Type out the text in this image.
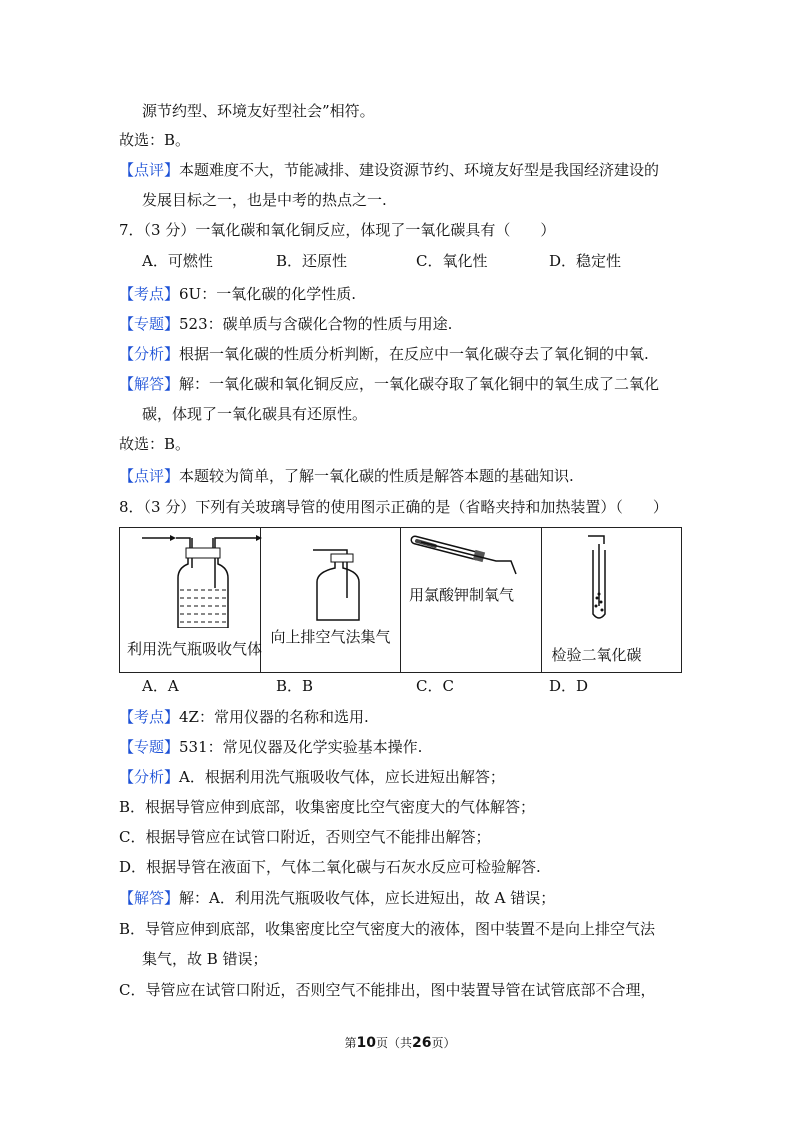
源节约型、环境友好型社会”相符。
故选：B。
【点评】本题难度不大，节能减排、建设资源节约、环境友好型是我国经济建设的
发展目标之一，也是中考的热点之一.
7．（3 分）一氧化碳和氧化铜反应，体现了一氧化碳具有（　　）
A．可燃性	B．还原性	C．氧化性	D．稳定性
【考点】6U：一氧化碳的化学性质.
【专题】523：碳单质与含碳化合物的性质与用途.
【分析】根据一氧化碳的性质分析判断，在反应中一氧化碳夺去了氧化铜的中氧.
【解答】解：一氧化碳和氧化铜反应，一氧化碳夺取了氧化铜中的氧生成了二氧化
碳，体现了一氧化碳具有还原性。
故选：B。
【点评】本题较为简单，了解一氧化碳的性质是解答本题的基础知识.
8．（3 分）下列有关玻璃导管的使用图示正确的是（省略夹持和加热装置）（　　）
利用洗气瓶吸收气体

向上排空气法集气

用氯酸钾制氧气

检验二氧化碳
A．A	B．B	C．C	D．D
【考点】4Z：常用仪器的名称和选用.
【专题】531：常见仪器及化学实验基本操作.
【分析】A．根据利用洗气瓶吸收气体，应长进短出解答；
B．根据导管应伸到底部，收集密度比空气密度大的气体解答；
C．根据导管应在试管口附近，否则空气不能排出解答；
D．根据导管在液面下，气体二氧化碳与石灰水反应可检验解答.
【解答】解：A．利用洗气瓶吸收气体，应长进短出，故 A 错误；
B．导管应伸到底部，收集密度比空气密度大的液体，图中装置不是向上排空气法
集气，故 B 错误；
C．导管应在试管口附近，否则空气不能排出，图中装置导管在试管底部不合理，
第10页（共26页）
